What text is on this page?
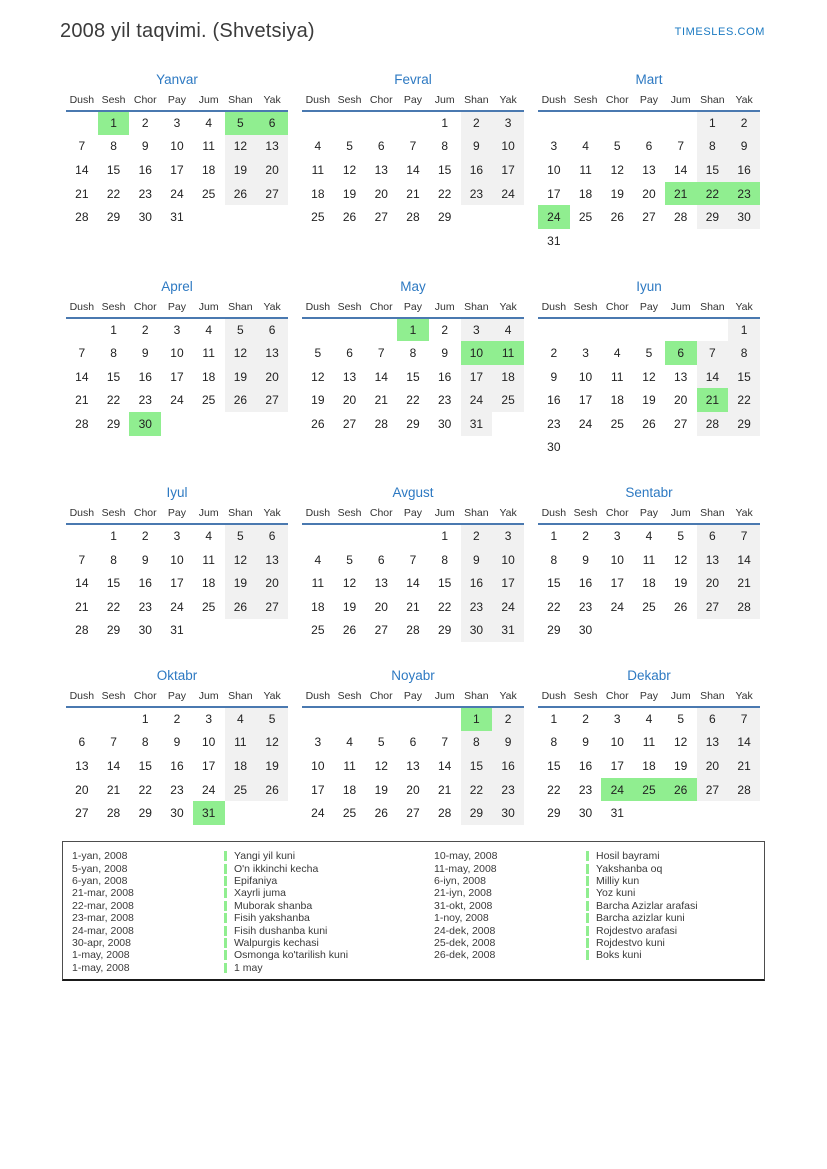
2008 yil taqvimi. (Shvetsiya)	TIMESLES.COM
Yanvar
Dush	Sesh	Chor	Pay	Jum	Shan	Yak
	1	2	3	4	5	6
7	8	9	10	11	12	13
14	15	16	17	18	19	20
21	22	23	24	25	26	27
28	29	30	31			
Fevral
Dush	Sesh	Chor	Pay	Jum	Shan	Yak
				1	2	3
4	5	6	7	8	9	10
11	12	13	14	15	16	17
18	19	20	21	22	23	24
25	26	27	28	29		
Mart
Dush	Sesh	Chor	Pay	Jum	Shan	Yak
					1	2
3	4	5	6	7	8	9
10	11	12	13	14	15	16
17	18	19	20	21	22	23
24	25	26	27	28	29	30
31						
Aprel
Dush	Sesh	Chor	Pay	Jum	Shan	Yak
	1	2	3	4	5	6
7	8	9	10	11	12	13
14	15	16	17	18	19	20
21	22	23	24	25	26	27
28	29	30				
May
Dush	Sesh	Chor	Pay	Jum	Shan	Yak
			1	2	3	4
5	6	7	8	9	10	11
12	13	14	15	16	17	18
19	20	21	22	23	24	25
26	27	28	29	30	31	
Iyun
Dush	Sesh	Chor	Pay	Jum	Shan	Yak
						1
2	3	4	5	6	7	8
9	10	11	12	13	14	15
16	17	18	19	20	21	22
23	24	25	26	27	28	29
30						
Iyul
Dush	Sesh	Chor	Pay	Jum	Shan	Yak
	1	2	3	4	5	6
7	8	9	10	11	12	13
14	15	16	17	18	19	20
21	22	23	24	25	26	27
28	29	30	31			
Avgust
Dush	Sesh	Chor	Pay	Jum	Shan	Yak
				1	2	3
4	5	6	7	8	9	10
11	12	13	14	15	16	17
18	19	20	21	22	23	24
25	26	27	28	29	30	31
Sentabr
Dush	Sesh	Chor	Pay	Jum	Shan	Yak
1	2	3	4	5	6	7
8	9	10	11	12	13	14
15	16	17	18	19	20	21
22	23	24	25	26	27	28
29	30					
Oktabr
Dush	Sesh	Chor	Pay	Jum	Shan	Yak
		1	2	3	4	5
6	7	8	9	10	11	12
13	14	15	16	17	18	19
20	21	22	23	24	25	26
27	28	29	30	31		
Noyabr
Dush	Sesh	Chor	Pay	Jum	Shan	Yak
					1	2
3	4	5	6	7	8	9
10	11	12	13	14	15	16
17	18	19	20	21	22	23
24	25	26	27	28	29	30
Dekabr
Dush	Sesh	Chor	Pay	Jum	Shan	Yak
1	2	3	4	5	6	7
8	9	10	11	12	13	14
15	16	17	18	19	20	21
22	23	24	25	26	27	28
29	30	31				
1-yan, 2008	Yangi yil kuni
5-yan, 2008	O'n ikkinchi kecha
6-yan, 2008	Epifaniya
21-mar, 2008	Xayrli juma
22-mar, 2008	Muborak shanba
23-mar, 2008	Fisih yakshanba
24-mar, 2008	Fisih dushanba kuni
30-apr, 2008	Walpurgis kechasi
1-may, 2008	Osmonga ko'tarilish kuni
1-may, 2008	1 may
10-may, 2008	Hosil bayrami
11-may, 2008	Yakshanba oq
6-iyn, 2008	Milliy kun
21-iyn, 2008	Yoz kuni
31-okt, 2008	Barcha Azizlar arafasi
1-noy, 2008	Barcha azizlar kuni
24-dek, 2008	Rojdestvo arafasi
25-dek, 2008	Rojdestvo kuni
26-dek, 2008	Boks kuni
